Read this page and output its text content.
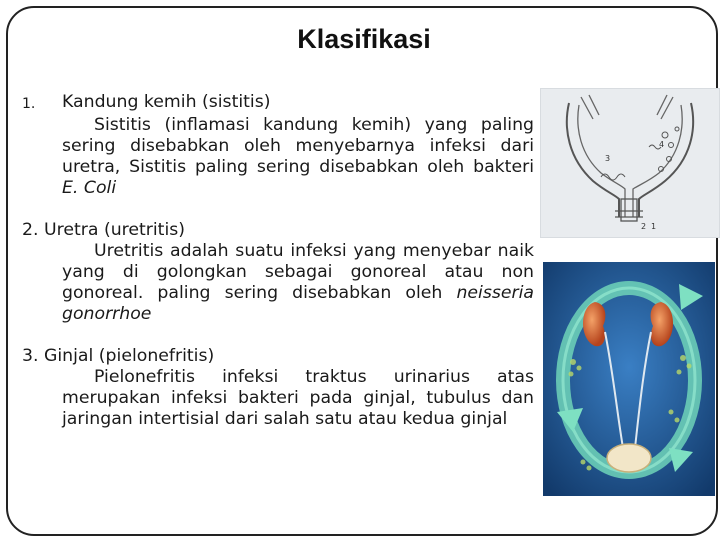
Klasifikasi
1.	Kandung kemih (sistitis)
Sistitis (inflamasi kandung kemih) yang paling sering disebabkan oleh menyebarnya infeksi dari uretra, Sistitis paling sering disebabkan oleh bakteri E. Coli
2. Uretra (uretritis)
Uretritis adalah suatu infeksi yang menyebar naik yang di golongkan sebagai gonoreal atau non gonoreal. paling sering disebabkan oleh neisseria gonorrhoe
3. Ginjal (pielonefritis)
Pielonefritis infeksi traktus urinarius atas merupakan infeksi bakteri pada ginjal, tubulus dan jaringan intertisial dari salah satu atau kedua ginjal
3
4
2 1
